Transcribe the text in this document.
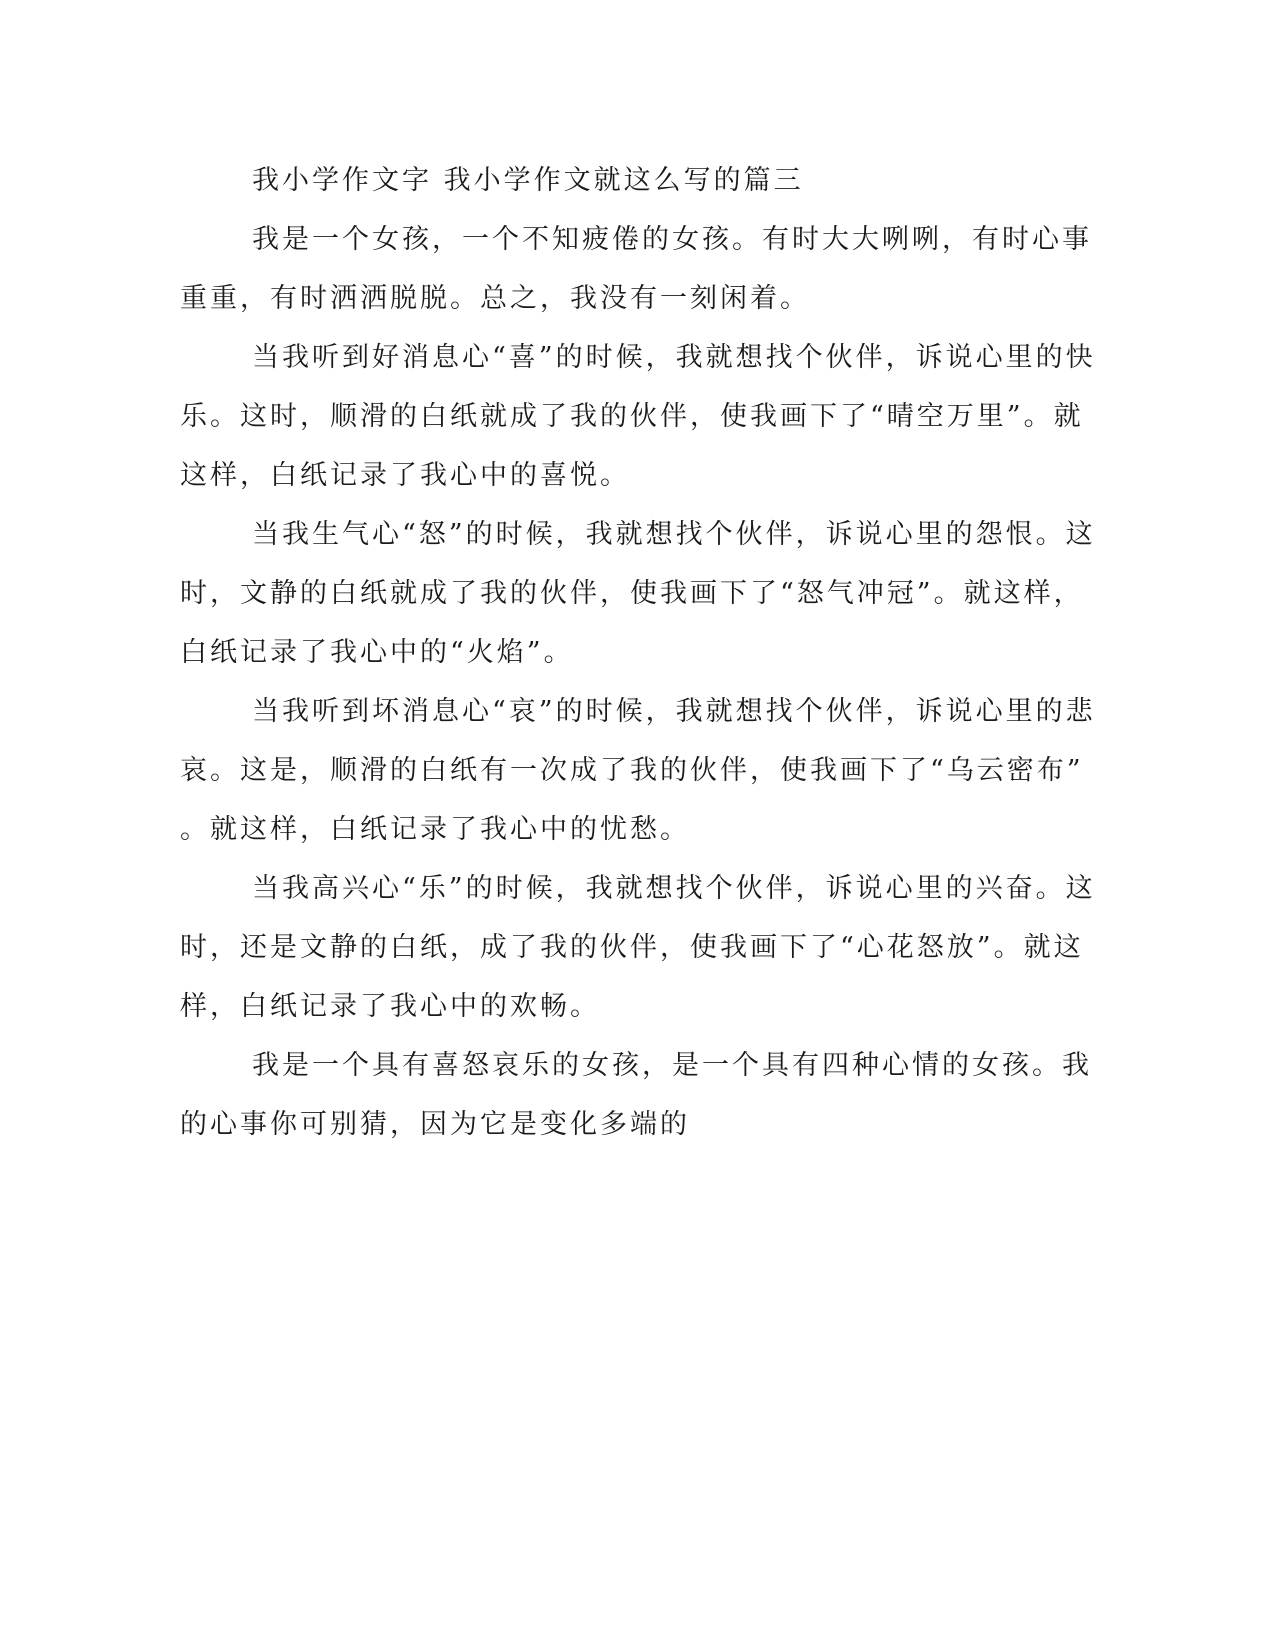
我小学作文字 我小学作文就这么写的篇三
我是一个女孩，一个不知疲倦的女孩。有时大大咧咧，有时心事
重重，有时洒洒脱脱。总之，我没有一刻闲着。
当我听到好消息心“喜”的时候，我就想找个伙伴，诉说心里的快
乐。这时，顺滑的白纸就成了我的伙伴，使我画下了“晴空万里”。就
这样，白纸记录了我心中的喜悦。
当我生气心“怒”的时候，我就想找个伙伴，诉说心里的怨恨。这
时，文静的白纸就成了我的伙伴，使我画下了“怒气冲冠”。就这样，
白纸记录了我心中的“火焰”。
当我听到坏消息心“哀”的时候，我就想找个伙伴，诉说心里的悲
哀。这是，顺滑的白纸有一次成了我的伙伴，使我画下了“乌云密布”
。就这样，白纸记录了我心中的忧愁。
当我高兴心“乐”的时候，我就想找个伙伴，诉说心里的兴奋。这
时，还是文静的白纸，成了我的伙伴，使我画下了“心花怒放”。就这
样，白纸记录了我心中的欢畅。
我是一个具有喜怒哀乐的女孩，是一个具有四种心情的女孩。我
的心事你可别猜，因为它是变化多端的
